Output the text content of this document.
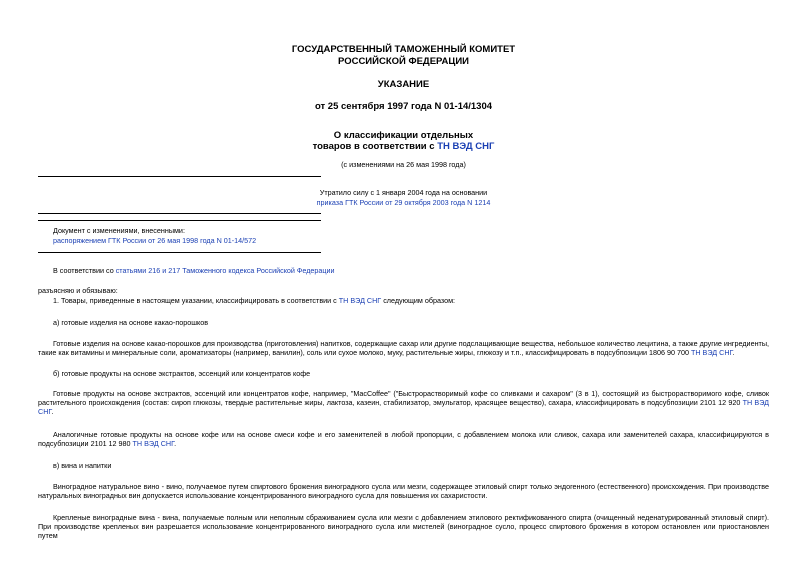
ГОСУДАРСТВЕННЫЙ ТАМОЖЕННЫЙ КОМИТЕТ
РОССИЙСКОЙ ФЕДЕРАЦИИ
УКАЗАНИЕ
от 25 сентября 1997 года N 01-14/1304
О классификации отдельных
товаров в соответствии с ТН ВЭД СНГ
(с изменениями на 26 мая 1998 года)
Утратило силу с 1 января 2004 года на основании
приказа ГТК России от 29 октября 2003 года N 1214
Документ с изменениями, внесенными:
распоряжением ГТК России от 26 мая 1998 года N 01-14/572
В соответствии со статьями 216 и 217 Таможенного кодекса Российской Федерации
разъясняю и обязываю:
1. Товары, приведенные в настоящем указании, классифицировать в соответствии с ТН ВЭД СНГ следующим образом:
а) готовые изделия на основе какао-порошков
Готовые изделия на основе какао-порошков для производства (приготовления) напитков, содержащие сахар или другие подслащивающие вещества, небольшое количество лецитина, а также другие ингредиенты, такие как витамины и минеральные соли, ароматизаторы (например, ванилин), соль или сухое молоко, муку, растительные жиры, глюкозу и т.п., классифицировать в подсубпозиции 1806 90 700 ТН ВЭД СНГ.
б) готовые продукты на основе экстрактов, эссенций или концентратов кофе
Готовые продукты на основе экстрактов, эссенций или концентратов кофе, например, "MacCoffee" ("Быстрорастворимый кофе со сливками и сахаром" (3 в 1), состоящий из быстрорастворимого кофе, сливок растительного происхождения (состав: сироп глюкозы, твердые растительные жиры, лактоза, казеин, стабилизатор, эмульгатор, красящее вещество), сахара, классифицировать в подсубпозиции 2101 12 920 ТН ВЭД СНГ.
Аналогичные готовые продукты на основе кофе или на основе смеси кофе и его заменителей в любой пропорции, с добавлением молока или сливок, сахара или заменителей сахара, классифицируются в подсубпозиции 2101 12 980 ТН ВЭД СНГ.
в) вина и напитки
Виноградное натуральное вино - вино, получаемое путем спиртового брожения виноградного сусла или мезги, содержащее этиловый спирт только эндогенного (естественного) происхождения. При производстве натуральных виноградных вин допускается использование концентрированного виноградного сусла для повышения их сахаристости.
Крепленые виноградные вина - вина, получаемые полным или неполным сбраживанием сусла или мезги с добавлением этилового ректификованного спирта (очищенный неденатурированный этиловый спирт). При производстве крепленых вин разрешается использование концентрированного виноградного сусла или мистелей (виноградное сусло, процесс спиртового брожения в котором остановлен или приостановлен путем
